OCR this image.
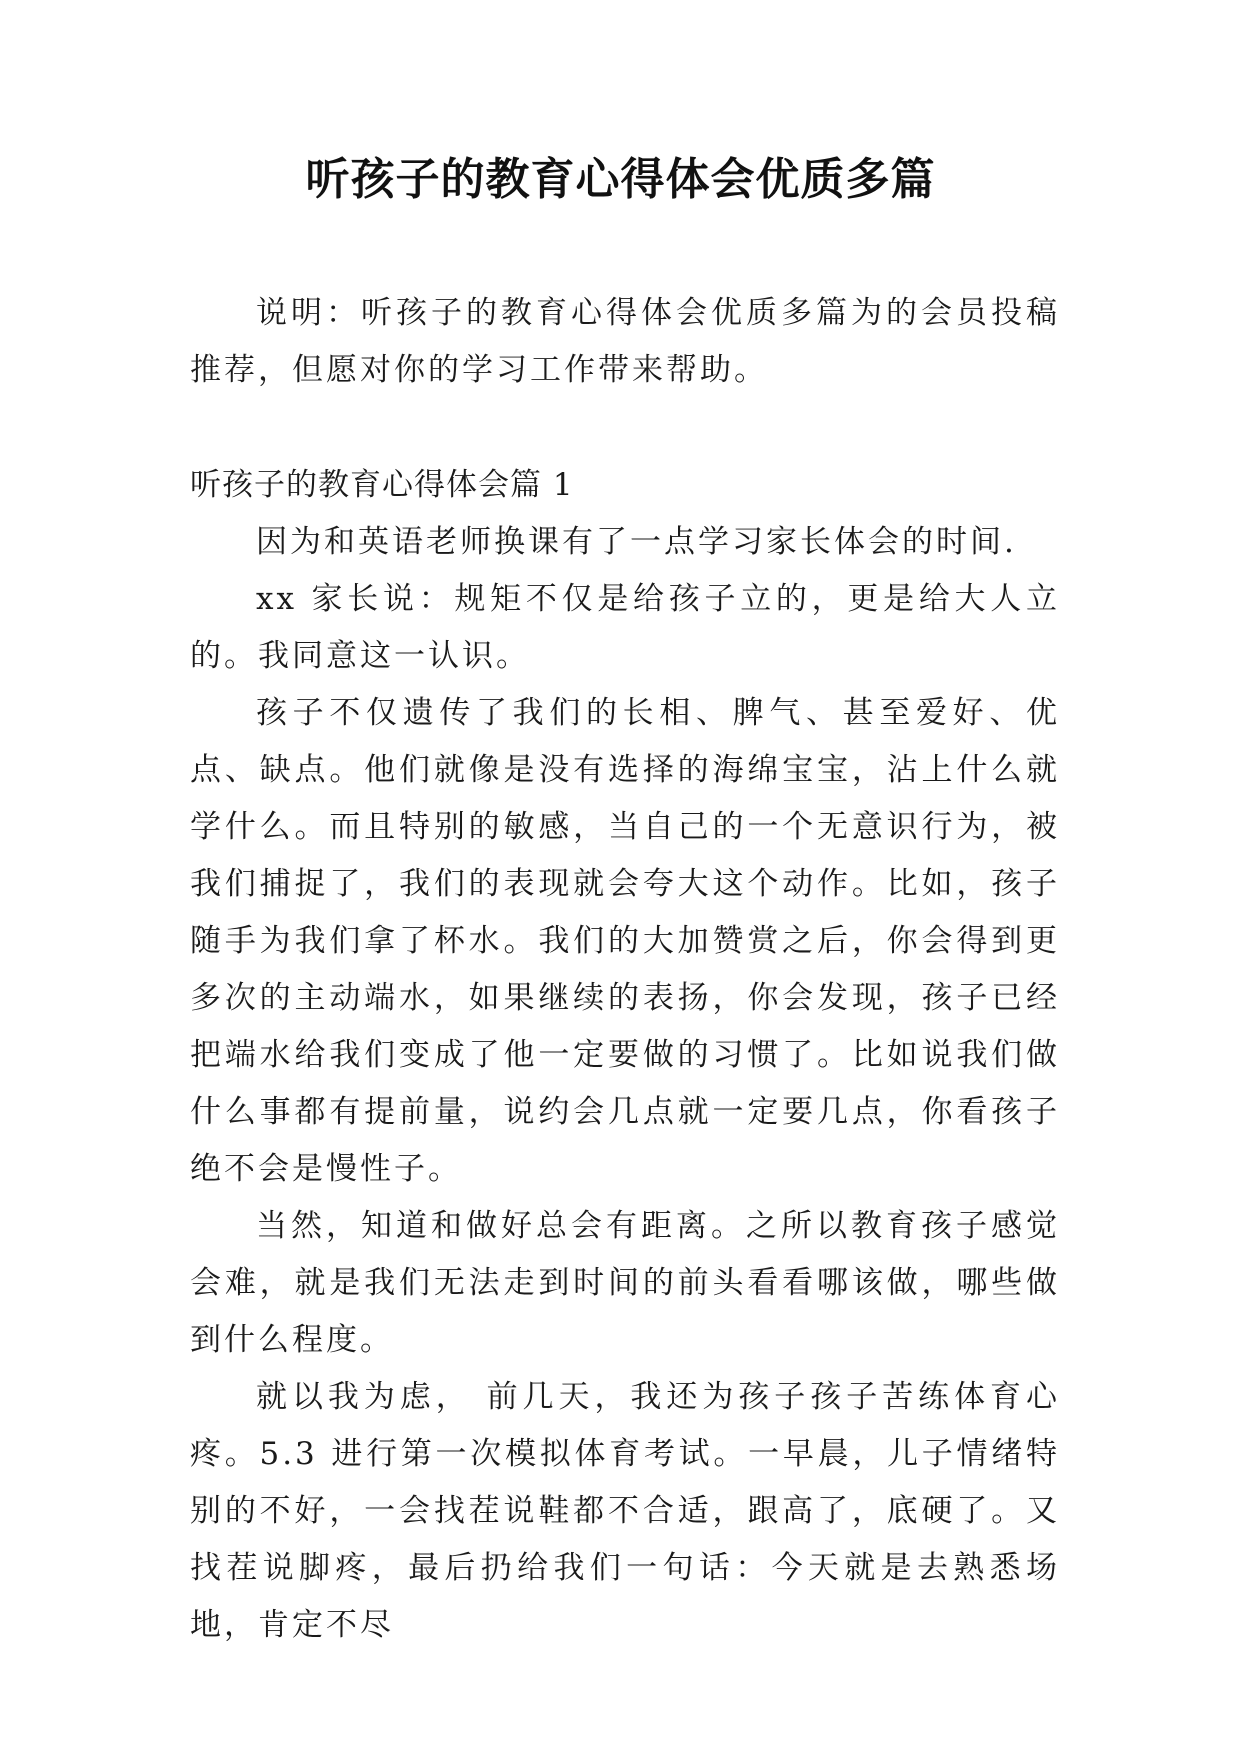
听孩子的教育心得体会优质多篇

说明：听孩子的教育心得体会优质多篇为的会员投稿推荐，但愿对你的学习工作带来帮助。

听孩子的教育心得体会篇 1

因为和英语老师换课有了一点学习家长体会的时间.

xx 家长说：规矩不仅是给孩子立的，更是给大人立的。我同意这一认识。

孩子不仅遗传了我们的长相、脾气、甚至爱好、优点、缺点。他们就像是没有选择的海绵宝宝，沾上什么就学什么。而且特别的敏感，当自己的一个无意识行为，被我们捕捉了，我们的表现就会夸大这个动作。比如，孩子随手为我们拿了杯水。我们的大加赞赏之后，你会得到更多次的主动端水，如果继续的表扬，你会发现，孩子已经把端水给我们变成了他一定要做的习惯了。比如说我们做什么事都有提前量，说约会几点就一定要几点，你看孩子绝不会是慢性子。

当然，知道和做好总会有距离。之所以教育孩子感觉会难，就是我们无法走到时间的前头看看哪该做，哪些做到什么程度。

就以我为虑， 前几天，我还为孩子孩子苦练体育心疼。5.3 进行第一次模拟体育考试。一早晨，儿子情绪特别的不好，一会找茬说鞋都不合适，跟高了，底硬了。又找茬说脚疼，最后扔给我们一句话：今天就是去熟悉场地，肯定不尽
